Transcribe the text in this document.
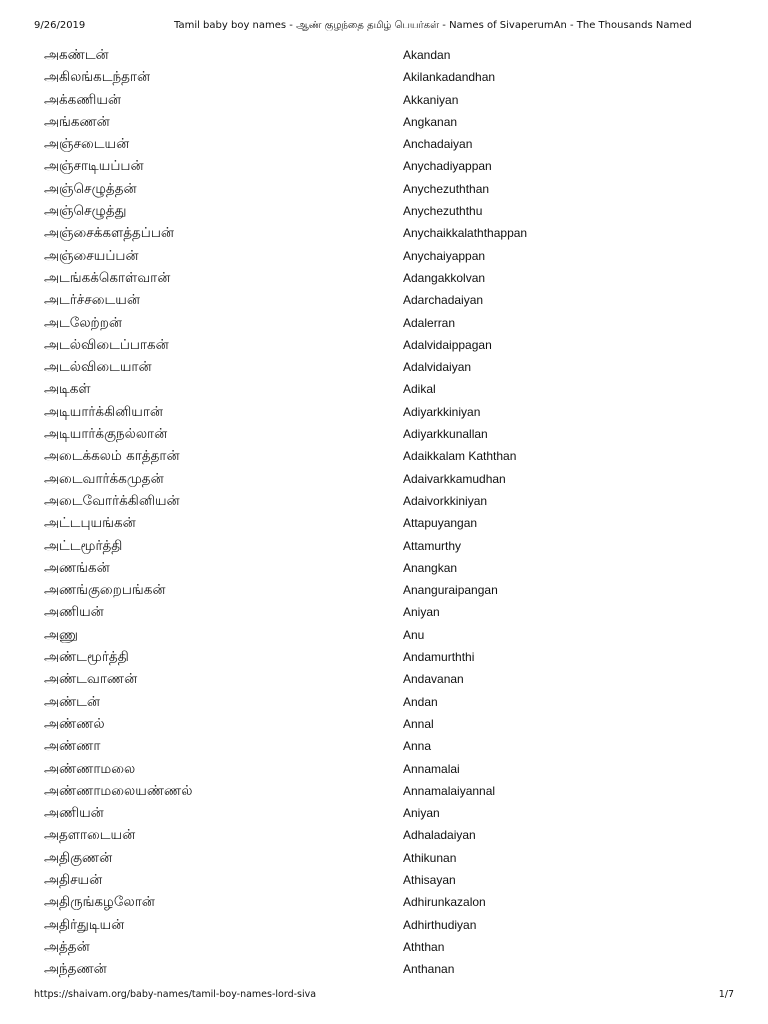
9/26/2019	Tamil baby boy names - ஆண் குழந்தை தமிழ் பெயர்கள் - Names of SivaperumAn - The Thousands Named
அகண்டன்	Akandan
அகிலங்கடந்தான்	Akilankadandhan
அக்கணியன்	Akkaniyan
அங்கணன்	Angkanan
அஞ்சடையன்	Anchadaiyan
அஞ்சாடியப்பன்	Anychadiyappan
அஞ்செழுத்தன்	Anychezuththan
அஞ்செழுத்து	Anychezuththu
அஞ்சைக்களத்தப்பன்	Anychaikkalaththappan
அஞ்சையப்பன்	Anychaiyappan
அடங்கக்கொள்வான்	Adangakkolvan
அடர்ச்சடையன்	Adarchadaiyan
அடலேற்றன்	Adalerran
அடல்விடைப்பாகன்	Adalvidaippagan
அடல்விடையான்	Adalvidaiyan
அடிகள்	Adikal
அடியார்க்கினியான்	Adiyarkkiniyan
அடியார்க்குநல்லான்	Adiyarkkunallan
அடைக்கலம் காத்தான்	Adaikkalam Kaththan
அடைவார்க்கமுதன்	Adaivarkkamudhan
அடைவோர்க்கினியன்	Adaivorkkiniyan
அட்டபுயங்கன்	Attapuyangan
அட்டமூர்த்தி	Attamurthy
அணங்கன்	Anangkan
அணங்குறைபங்கன்	Ananguraipangan
அணியன்	Aniyan
அணு	Anu
அண்டமூர்த்தி	Andamurththi
அண்டவாணன்	Andavanan
அண்டன்	Andan
அண்ணல்	Annal
அண்ணா	Anna
அண்ணாமலை	Annamalai
அண்ணாமலையண்ணல்	Annamalaiyannal
அணியன்	Aniyan
அதளாடையன்	Adhaladaiyan
அதிகுணன்	Athikunan
அதிசயன்	Athisayan
அதிருங்கழலோன்	Adhirunkazalon
அதிர்துடியன்	Adhirthudiyan
அத்தன்	Aththan
அந்தணன்	Anthanan
https://shaivam.org/baby-names/tamil-boy-names-lord-siva	1/7
